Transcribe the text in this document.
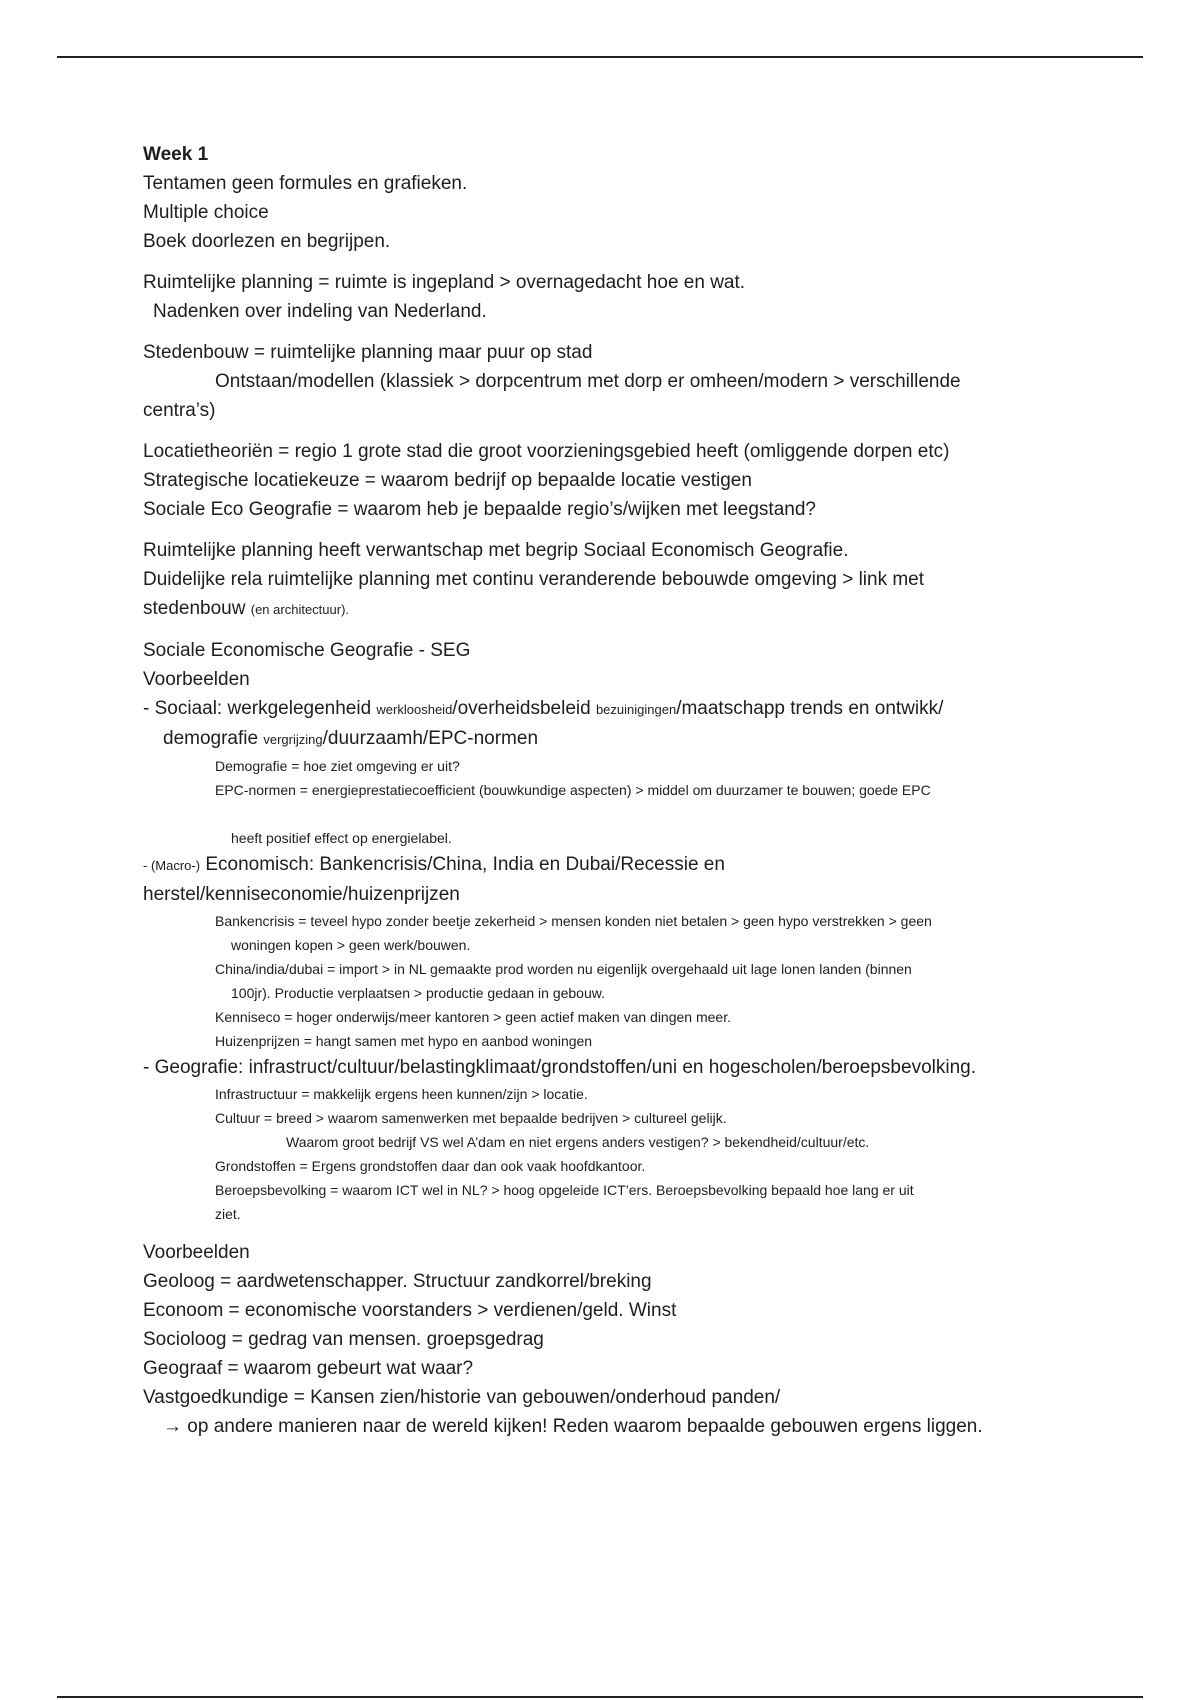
Week 1
Tentamen geen formules en grafieken.
Multiple choice
Boek doorlezen en begrijpen.
Ruimtelijke planning = ruimte is ingepland > overnagedacht hoe en wat.
Nadenken over indeling van Nederland.
Stedenbouw = ruimtelijke planning maar puur op stad
Ontstaan/modellen (klassiek > dorpcentrum met dorp er omheen/modern > verschillende
centra’s)
Locatietheoriën = regio 1 grote stad die groot voorzieningsgebied heeft (omliggende dorpen etc)
Strategische locatiekeuze = waarom bedrijf op bepaalde locatie vestigen
Sociale Eco Geografie = waarom heb je bepaalde regio’s/wijken met leegstand?
Ruimtelijke planning heeft verwantschap met begrip Sociaal Economisch Geografie.
Duidelijke rela ruimtelijke planning met continu veranderende bebouwde omgeving > link met
stedenbouw (en architectuur).
Sociale Economische Geografie - SEG
Voorbeelden
- Sociaal: werkgelegenheid werkloosheid/overheidsbeleid bezuinigingen/maatschapp trends en ontwikk/
demografie vergrijzing/duurzaamh/EPC-normen
Demografie = hoe ziet omgeving er uit?
EPC-normen = energieprestatiecoefficient (bouwkundige aspecten) > middel om duurzamer te bouwen; goede EPC
heeft positief effect op energielabel.
- (Macro-) Economisch: Bankencrisis/China, India en Dubai/Recessie en
herstel/kenniseconomie/huizenprijzen
Bankencrisis = teveel hypo zonder beetje zekerheid > mensen konden niet betalen > geen hypo verstrekken > geen
woningen kopen > geen werk/bouwen.
China/india/dubai = import > in NL gemaakte prod worden nu eigenlijk overgehaald uit lage lonen landen (binnen
100jr). Productie verplaatsen > productie gedaan in gebouw.
Kenniseco = hoger onderwijs/meer kantoren > geen actief maken van dingen meer.
Huizenprijzen = hangt samen met hypo en aanbod woningen
- Geografie: infrastruct/cultuur/belastingklimaat/grondstoffen/uni en hogescholen/beroepsbevolking.
Infrastructuur = makkelijk ergens heen kunnen/zijn > locatie.
Cultuur = breed > waarom samenwerken met bepaalde bedrijven > cultureel gelijk.
Waarom groot bedrijf VS wel A’dam en niet ergens anders vestigen? > bekendheid/cultuur/etc.
Grondstoffen = Ergens grondstoffen daar dan ook vaak hoofdkantoor.
Beroepsbevolking = waarom ICT wel in NL? > hoog opgeleide ICT’ers. Beroepsbevolking bepaald hoe lang er uit
ziet.
Voorbeelden
Geoloog = aardwetenschapper. Structuur zandkorrel/breking
Econoom = economische voorstanders > verdienen/geld. Winst
Socioloog = gedrag van mensen. groepsgedrag
Geograaf = waarom gebeurt wat waar?
Vastgoedkundige = Kansen zien/historie van gebouwen/onderhoud panden/
→ op andere manieren naar de wereld kijken! Reden waarom bepaalde gebouwen ergens liggen.
